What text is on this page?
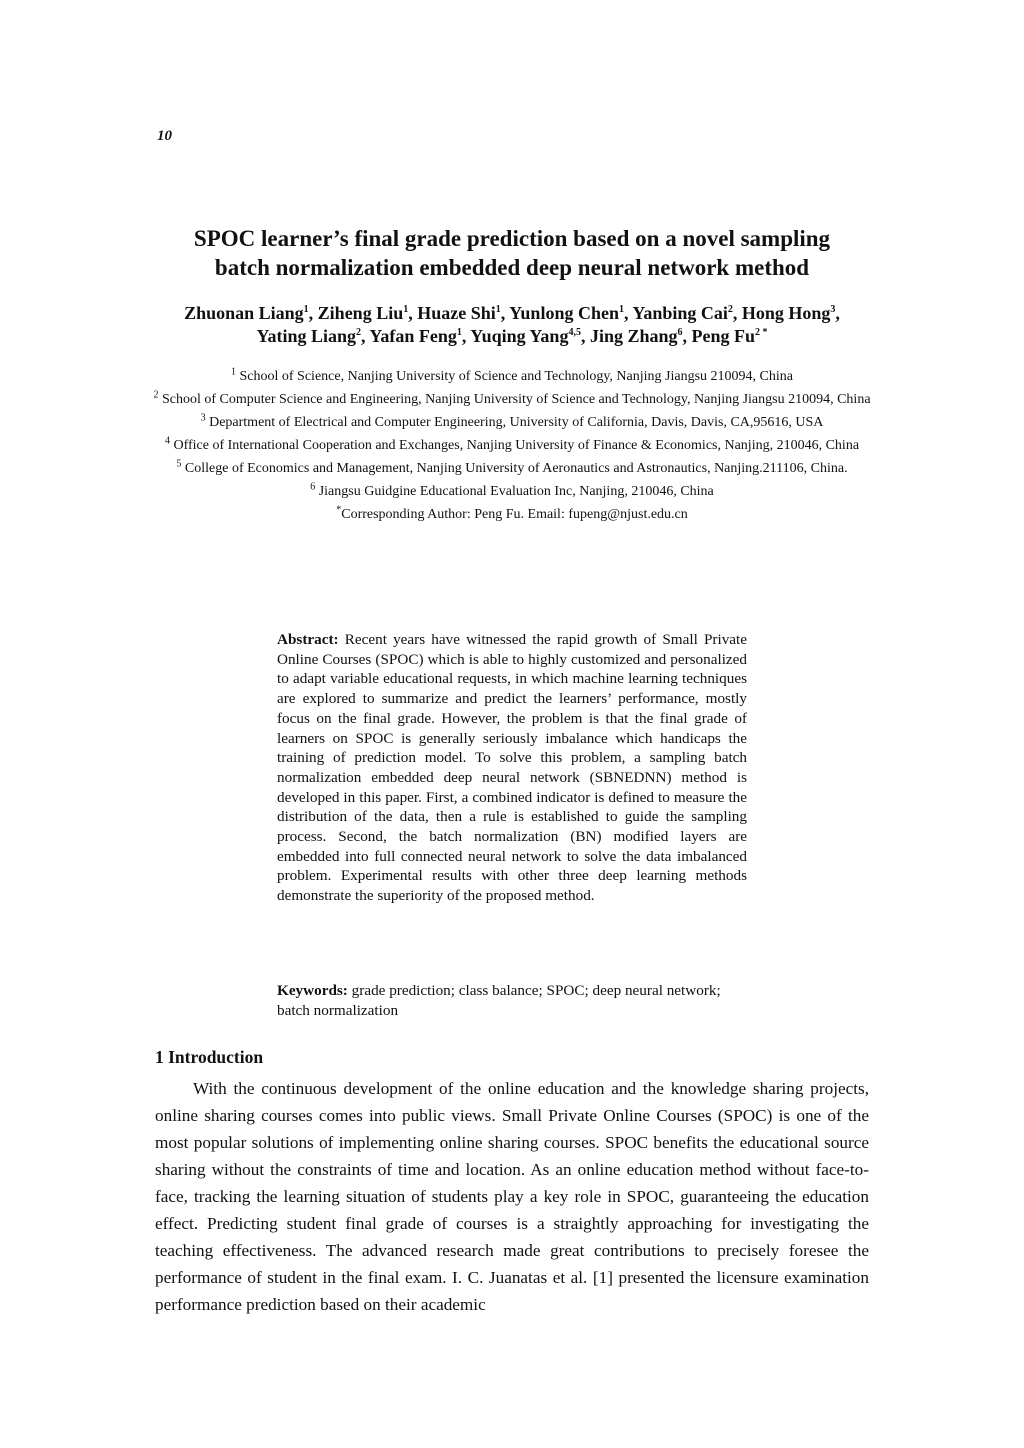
10
SPOC learner’s final grade prediction based on a novel sampling
batch normalization embedded deep neural network method
Zhuonan Liang$^1$, Ziheng Liu$^1$, Huaze Shi$^1$, Yunlong Chen$^1$, Yanbing Cai$^2$, Hong Hong$^3$,
Yating Liang$^2$, Yafan Feng$^1$, Yuqing Yang$^{4,5}$, Jing Zhang$^6$, Peng $Fu^{2 *}$
$^1$ School of Science, Nanjing University of Science and Technology, Nanjing Jiangsu 210094, China
$^2$ School of Computer Science and Engineering, Nanjing University of Science and Technology, Nanjing Jiangsu 210094, China
$^3$ Department of Electrical and Computer Engineering, University of California, Davis, Davis, CA,95616, USA
$^4$ Office of International Cooperation and Exchanges, Nanjing University of Finance & Economics, Nanjing, 210046, China
$^5$ College of Economics and Management, Nanjing University of Aeronautics and Astronautics, Nanjing.211106, China.
$^6$ Jiangsu Guidgine Educational Evaluation Inc, Nanjing, 210046, China
*Corresponding Author: Peng Fu. Email: fupeng@njust.edu.cn
Abstract: Recent years have witnessed the rapid growth of Small Private Online Courses (SPOC) which is able to highly customized and personalized to adapt variable educational requests, in which machine learning techniques are explored to summarize and predict the learners’ performance, mostly focus on the final grade. However, the problem is that the final grade of learners on SPOC is generally seriously imbalance which handicaps the training of prediction model. To solve this problem, a sampling batch normalization embedded deep neural network (SBNEDNN) method is developed in this paper. First, a combined indicator is defined to measure the distribution of the data, then a rule is established to guide the sampling process. Second, the batch normalization (BN) modified layers are embedded into full connected neural network to solve the data imbalanced problem. Experimental results with other three deep learning methods demonstrate the superiority of the proposed method.
Keywords: grade prediction; class balance; SPOC; deep neural network; batch normalization
1 Introduction

With the continuous development of the online education and the knowledge sharing projects, online sharing courses comes into public views. Small Private Online Courses (SPOC) is one of the most popular solutions of implementing online sharing courses. SPOC benefits the educational source sharing without the constraints of time and location. As an online education method without face-to-face, tracking the learning situation of students play a key role in SPOC, guaranteeing the education effect. Predicting student final grade of courses is a straightly approaching for investigating the teaching effectiveness. The advanced research made great contributions to precisely foresee the performance of student in the final exam. I. C. Juanatas et al. [1] presented the licensure examination performance prediction based on their academic
